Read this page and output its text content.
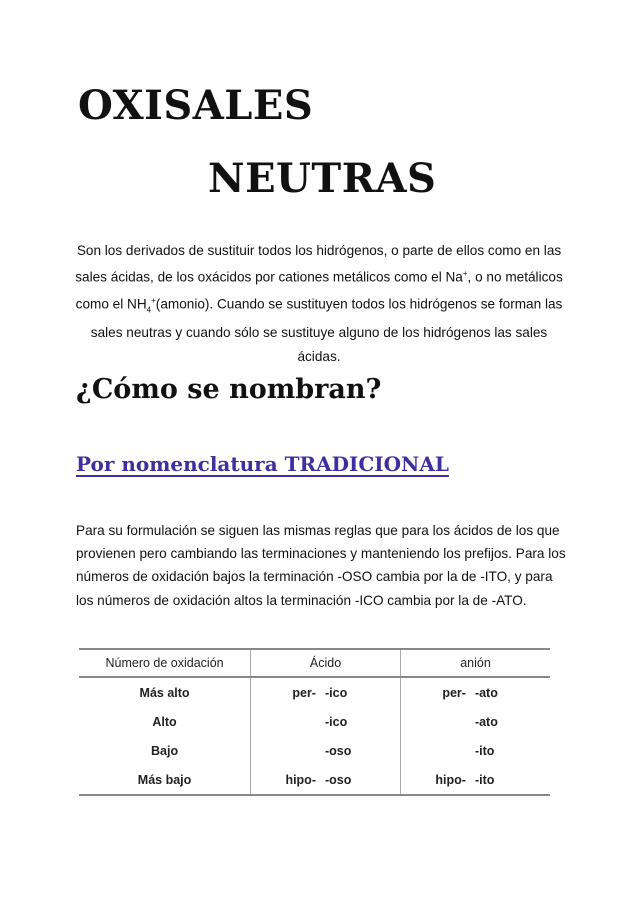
OXISALES
NEUTRAS

Son los derivados de sustituir todos los hidrógenos, o parte de ellos como en las sales ácidas, de los oxácidos por cationes metálicos como el Na+, o no metálicos como el $NH_4^+(amonio)$. Cuando se sustituyen todos los hidrógenos se forman las sales neutras y cuando sólo se sustituye alguno de los hidrógenos las sales ácidas.

¿Cómo se nombran?
Por nomenclatura TRADICIONAL

Para su formulación se siguen las mismas reglas que para los ácidos de los que provienen pero cambiando las terminaciones y manteniendo los prefijos. Para los números de oxidación bajos la terminación -OSO cambia por la de -ITO, y para los números de oxidación altos la terminación -ICO cambia por la de -ATO.

Número de oxidación	Ácido		anión	
Más alto	per-	-ico	per-	-ato
Alto		-ico		-ato
Bajo		-oso		-ito
Más bajo	hipo-	-oso	hipo-	-ito
